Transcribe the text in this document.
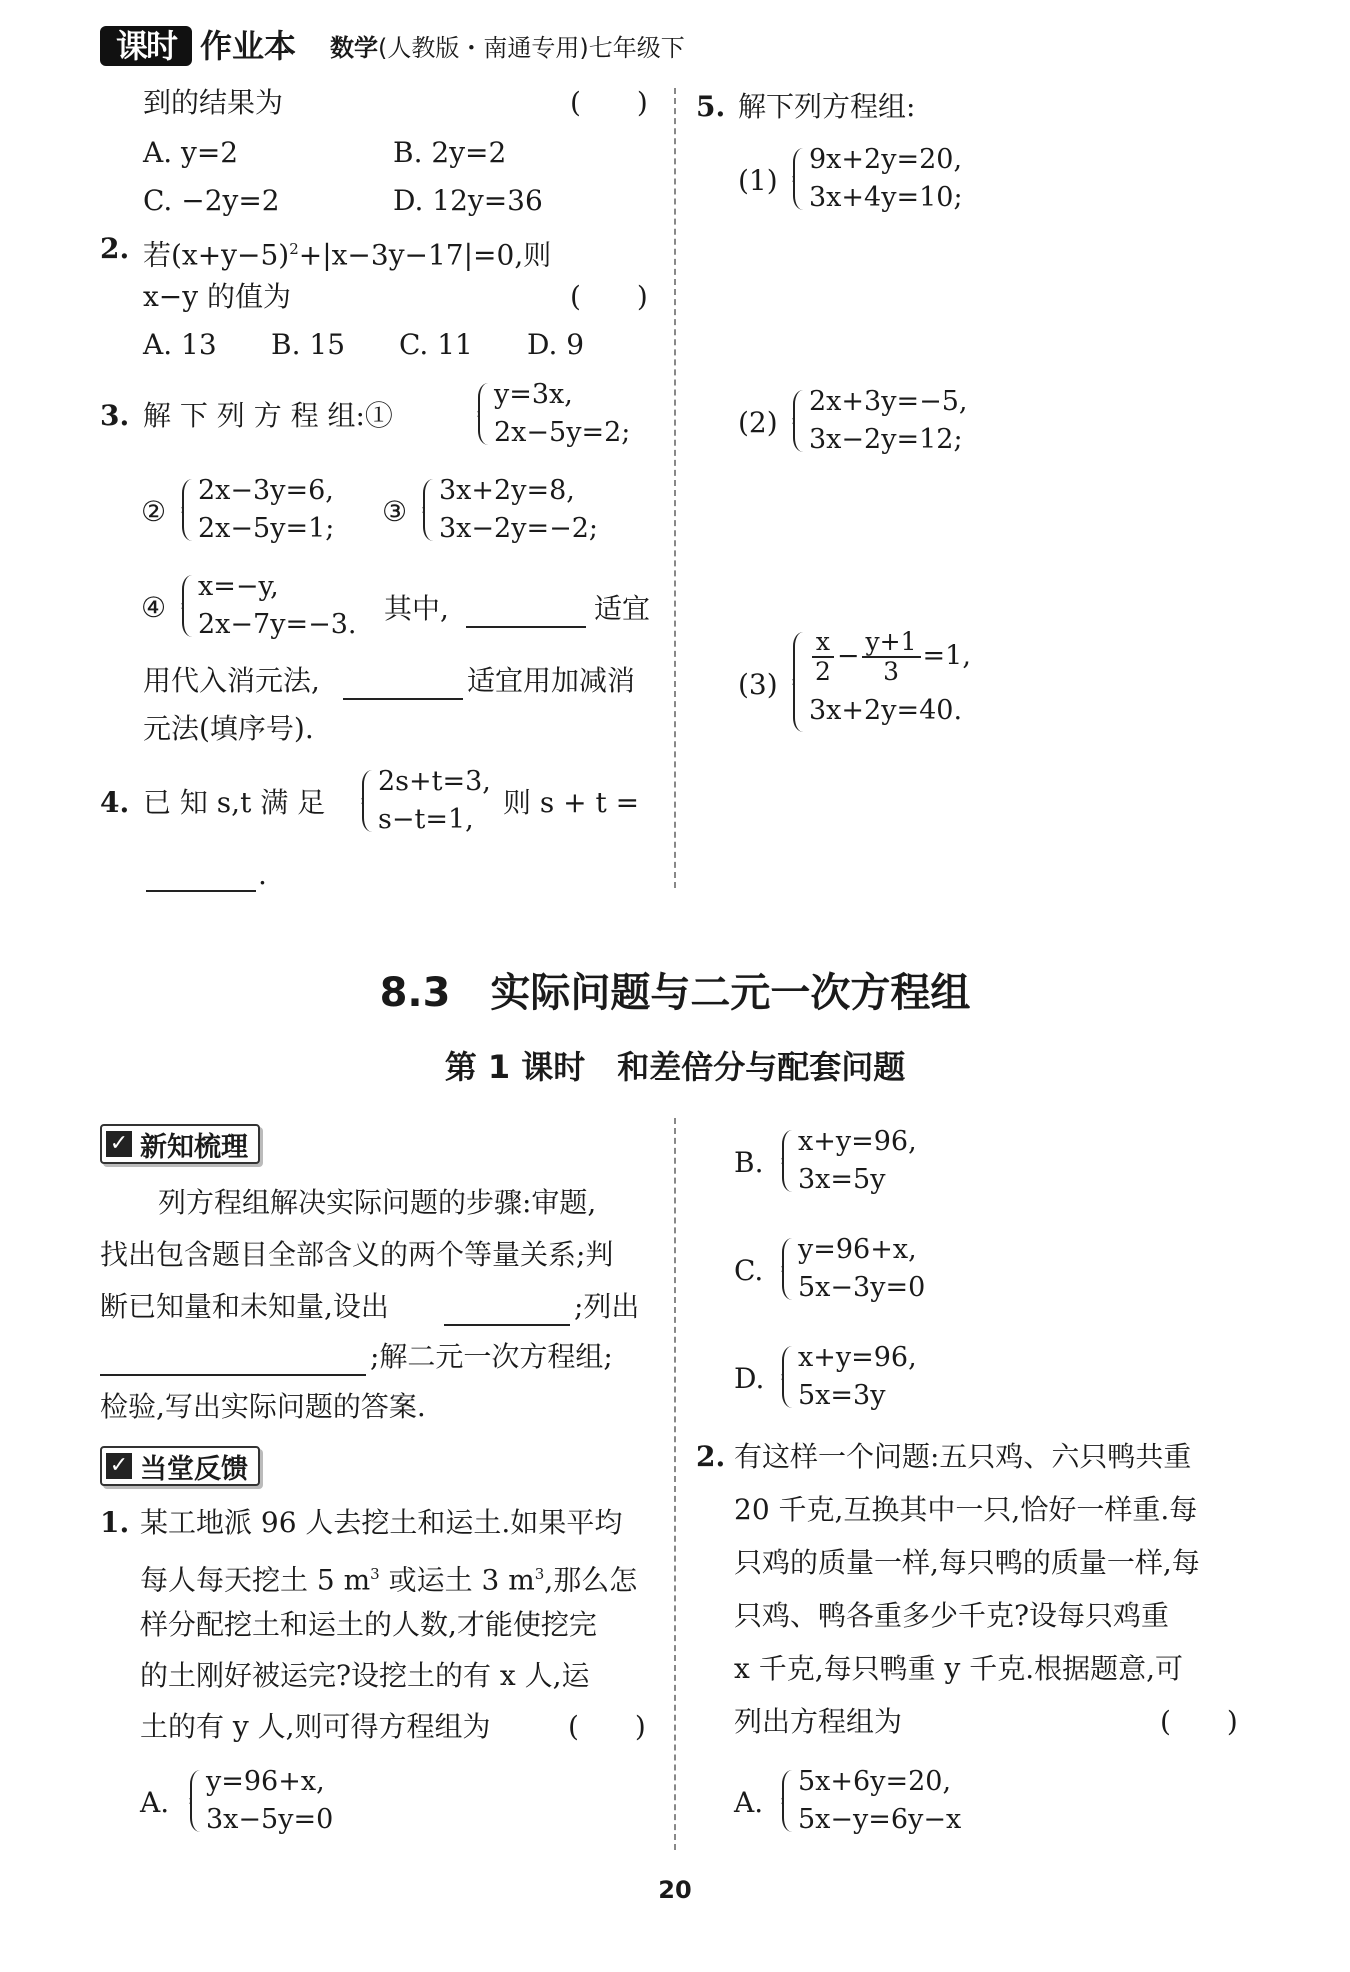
课时 作业本 数学(人教版・南通专用)七年级下
到的结果为	(　　)
A. y=2	B. 2y=2
C. −2y=2	D. 12y=36
2. 若$(x+y-5)^2+|x-3y-17|=0$,则
x−y 的值为	(　　)
A. 13 B. 15 C. 11 D. 9
3. 解 下 列 方 程 组:①
y=3x,
2x−5y=2;
②
2x−3y=6,
2x−5y=1;
③
3x+2y=8,
3x−2y=−2;
④
x=−y,
2x−7y=−3. 其中,	适宜
用代入消元法,	适宜用加减消
元法(填序号).
4. 已 知 s,t 满 足
2s+t=3,
s−t=1,
则 s + t =
.
5. 解下列方程组:
(1)
9x+2y=20,
3x+4y=10;
(2)
2x+3y=−5,
3x−2y=12;
$(3) \frac{x}{2} - \frac{y+1}{3} =1$,
3x+2y=40.
8.3　实际问题与二元一次方程组
第 1 课时　和差倍分与配套问题
✓ 新知梳理
列方程组解决实际问题的步骤:审题,
找出包含题目全部含义的两个等量关系;判
断已知量和未知量,设出	;列出
;解二元一次方程组;
检验,写出实际问题的答案.
✓ 当堂反馈
1. 某工地派 96 人去挖土和运土.如果平均
每人每天挖土 5 $m^3$ 或运土 3 $m^3$,那么怎
样分配挖土和运土的人数,才能使挖完
的土刚好被运完?设挖土的有 x 人,运
土的有 y 人,则可得方程组为	(　　)
A.
y=96+x,
3x−5y=0
B.
x+y=96,
3x=5y
C.
y=96+x,
5x−3y=0
D.
x+y=96,
5x=3y
2. 有这样一个问题:五只鸡、六只鸭共重
20 千克,互换其中一只,恰好一样重.每
只鸡的质量一样,每只鸭的质量一样,每
只鸡、鸭各重多少千克?设每只鸡重
x 千克,每只鸭重 y 千克.根据题意,可
列出方程组为	(　　)
A.
5x+6y=20,
5x−y=6y−x
20
